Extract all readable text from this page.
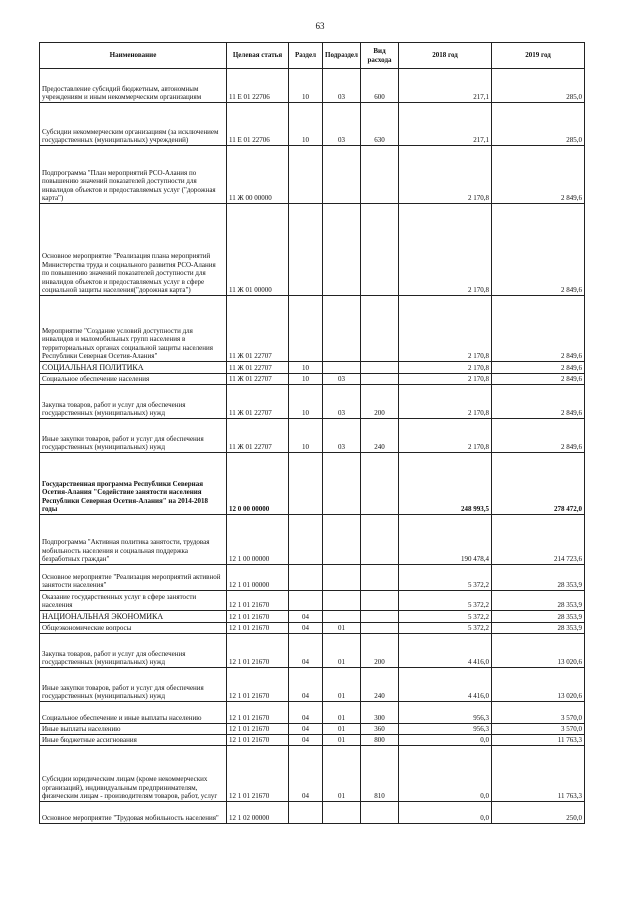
63
Наименование	Целевая статья	Раздел	Подраздел	Вид расхода	2018 год	2019 год
Предоставление субсидий бюджетным, автономным учреждениям и иным некоммерческим организациям	11 Е 01 22706	10	03	600	217,1	285,0
Субсидии некоммерческим организациям (за исключением государственных (муниципальных) учреждений)	11 Е 01 22706	10	03	630	217,1	285,0
Подпрограмма "План мероприятий РСО-Алания по повышению значений показателей доступности для инвалидов объектов и предоставляемых услуг ("дорожная карта")	11 Ж 00 00000				2 170,8	2 849,6
Основное мероприятие "Реализация плана мероприятий Министерства труда и социального развития РСО-Алания по повышению значений показателей доступности для инвалидов объектов и предоставляемых услуг в сфере социальной защиты населения("дорожная карта")	11 Ж 01 00000				2 170,8	2 849,6
Мероприятие "Создание условий доступности для инвалидов и маломобильных групп населения в территориальных органах социальной защиты населения Республики Северная Осетия-Алания"	11 Ж 01 22707				2 170,8	2 849,6
СОЦИАЛЬНАЯ ПОЛИТИКА	11 Ж 01 22707	10			2 170,8	2 849,6
Социальное обеспечение населения	11 Ж 01 22707	10	03		2 170,8	2 849,6
Закупка товаров, работ и услуг для обеспечения государственных (муниципальных) нужд	11 Ж 01 22707	10	03	200	2 170,8	2 849,6
Иные закупки товаров, работ и услуг для обеспечения государственных (муниципальных) нужд	11 Ж 01 22707	10	03	240	2 170,8	2 849,6
Государственная программа Республики Северная Осетия-Алания "Содействие занятости населения Республики Северная Осетия-Алания" на 2014-2018 годы	12 0 00 00000				248 993,5	278 472,0
Подпрограмма "Активная политика занятости, трудовая мобильность населения и социальная поддержка безработных граждан"	12 1 00 00000				190 478,4	214 723,6
Основное мероприятие "Реализация мероприятий активной занятости населения"	12 1 01 00000				5 372,2	28 353,9
Оказание государственных услуг в сфере занятости населения	12 1 01 21670				5 372,2	28 353,9
НАЦИОНАЛЬНАЯ ЭКОНОМИКА	12 1 01 21670	04			5 372,2	28 353,9
Общеэкономические вопросы	12 1 01 21670	04	01		5 372,2	28 353,9
Закупка товаров, работ и услуг для обеспечения государственных (муниципальных) нужд	12 1 01 21670	04	01	200	4 416,0	13 020,6
Иные закупки товаров, работ и услуг для обеспечения государственных (муниципальных) нужд	12 1 01 21670	04	01	240	4 416,0	13 020,6
Социальное обеспечение и иные выплаты населению	12 1 01 21670	04	01	300	956,3	3 570,0
Иные выплаты населению	12 1 01 21670	04	01	360	956,3	3 570,0
Иные бюджетные ассигнования	12 1 01 21670	04	01	800	0,0	11 763,3
Субсидии юридическим лицам (кроме некоммерческих организаций), индивидуальным предпринимателям, физическим лицам - производителям товаров, работ, услуг	12 1 01 21670	04	01	810	0,0	11 763,3
Основное мероприятие "Трудовая мобильность населения"	12 1 02 00000				0,0	250,0
